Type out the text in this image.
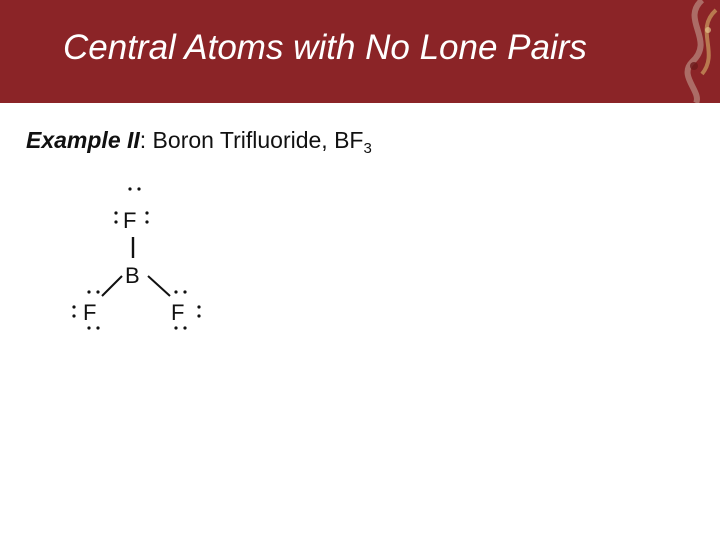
Central Atoms with No Lone Pairs
Example II: Boron Trifluoride, $BF_3$
F
B
F	F
